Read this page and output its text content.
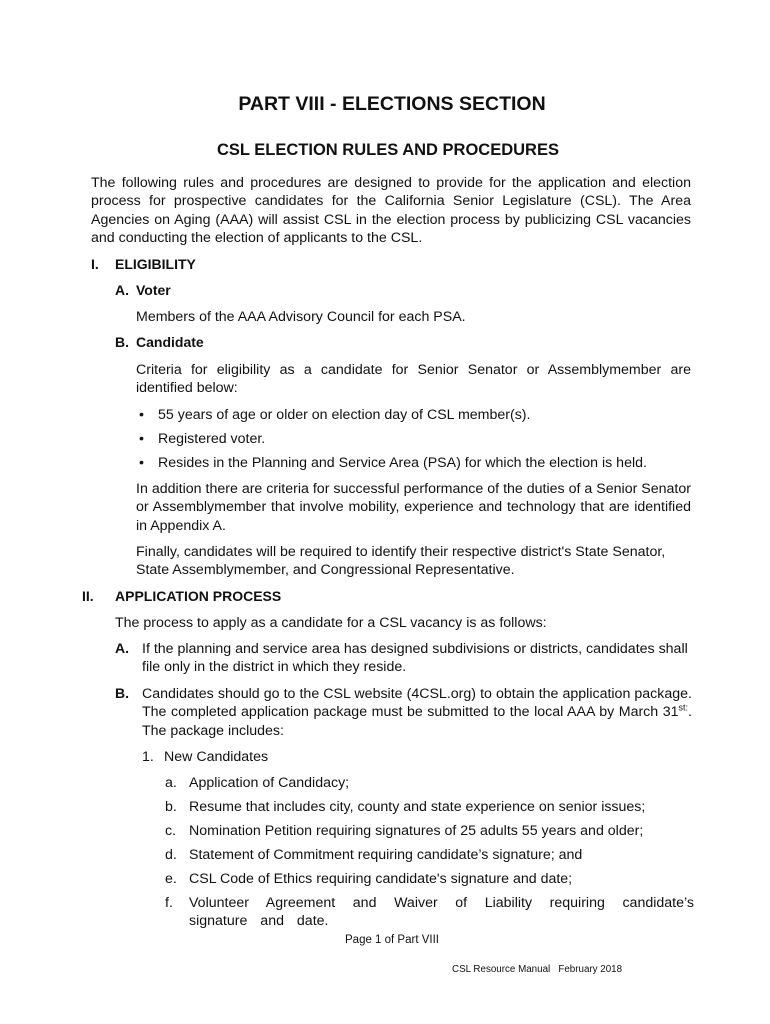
PART VIII - ELECTIONS SECTION
CSL ELECTION RULES AND PROCEDURES
The following rules and procedures are designed to provide for the application and election process for prospective candidates for the California Senior Legislature (CSL). The Area Agencies on Aging (AAA) will assist CSL in the election process by publicizing CSL vacancies and conducting the election of applicants to the CSL.
I. ELIGIBILITY
A. Voter
Members of the AAA Advisory Council for each PSA.
B. Candidate
Criteria for eligibility as a candidate for Senior Senator or Assemblymember are identified below:
• 55 years of age or older on election day of CSL member(s).
• Registered voter.
• Resides in the Planning and Service Area (PSA) for which the election is held.
In addition there are criteria for successful performance of the duties of a Senior Senator or Assemblymember that involve mobility, experience and technology that are identified in Appendix A.
Finally, candidates will be required to identify their respective district's State Senator, State Assemblymember, and Congressional Representative.
II. APPLICATION PROCESS
The process to apply as a candidate for a CSL vacancy is as follows:
A. If the planning and service area has designed subdivisions or districts, candidates shall file only in the district in which they reside.
B. Candidates should go to the CSL website (4CSL.org) to obtain the application package. The completed application package must be submitted to the local AAA by March $31^{st:}$. The package includes:
1. New Candidates
a. Application of Candidacy;
b. Resume that includes city, county and state experience on senior issues;
c. Nomination Petition requiring signatures of 25 adults 55 years and older;
d. Statement of Commitment requiring candidate’s signature; and
e. CSL Code of Ethics requiring candidate's signature and date;
f. Volunteer Agreement and Waiver of Liability requiring candidate’s signature and date.
Page 1 of Part VIII
CSL Resource Manual   February 2018
